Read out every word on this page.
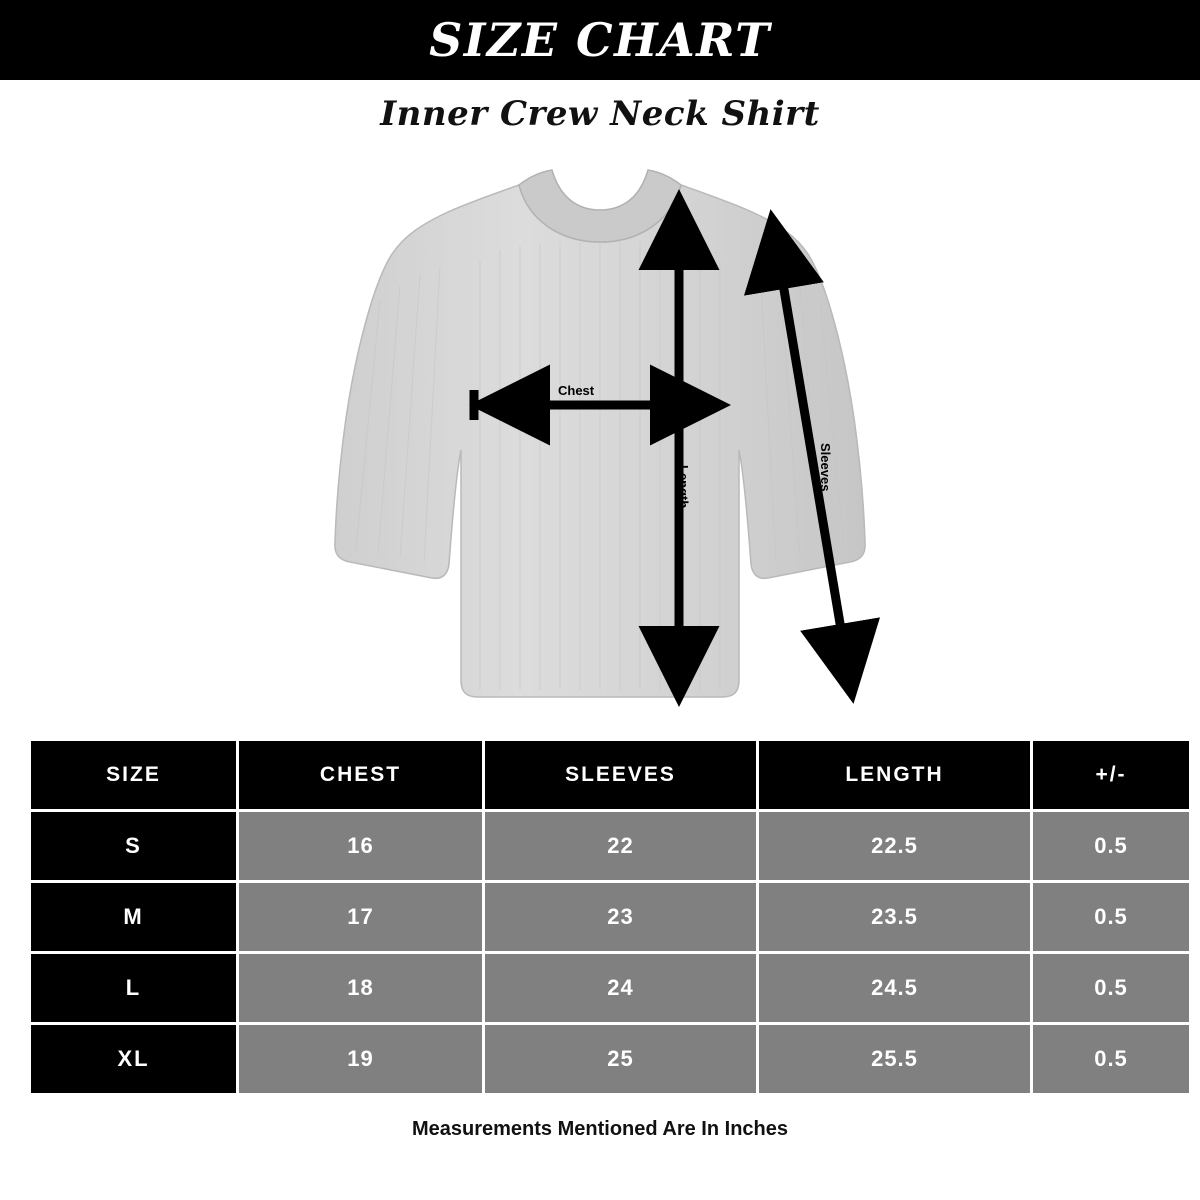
SIZE CHART
Inner Crew Neck Shirt
Chest
Length	Sleeves
SIZE	CHEST	SLEEVES	LENGTH	+/-
S	16	22	22.5	0.5
M	17	23	23.5	0.5
L	18	24	24.5	0.5
XL	19	25	25.5	0.5
Measurements Mentioned Are In Inches
